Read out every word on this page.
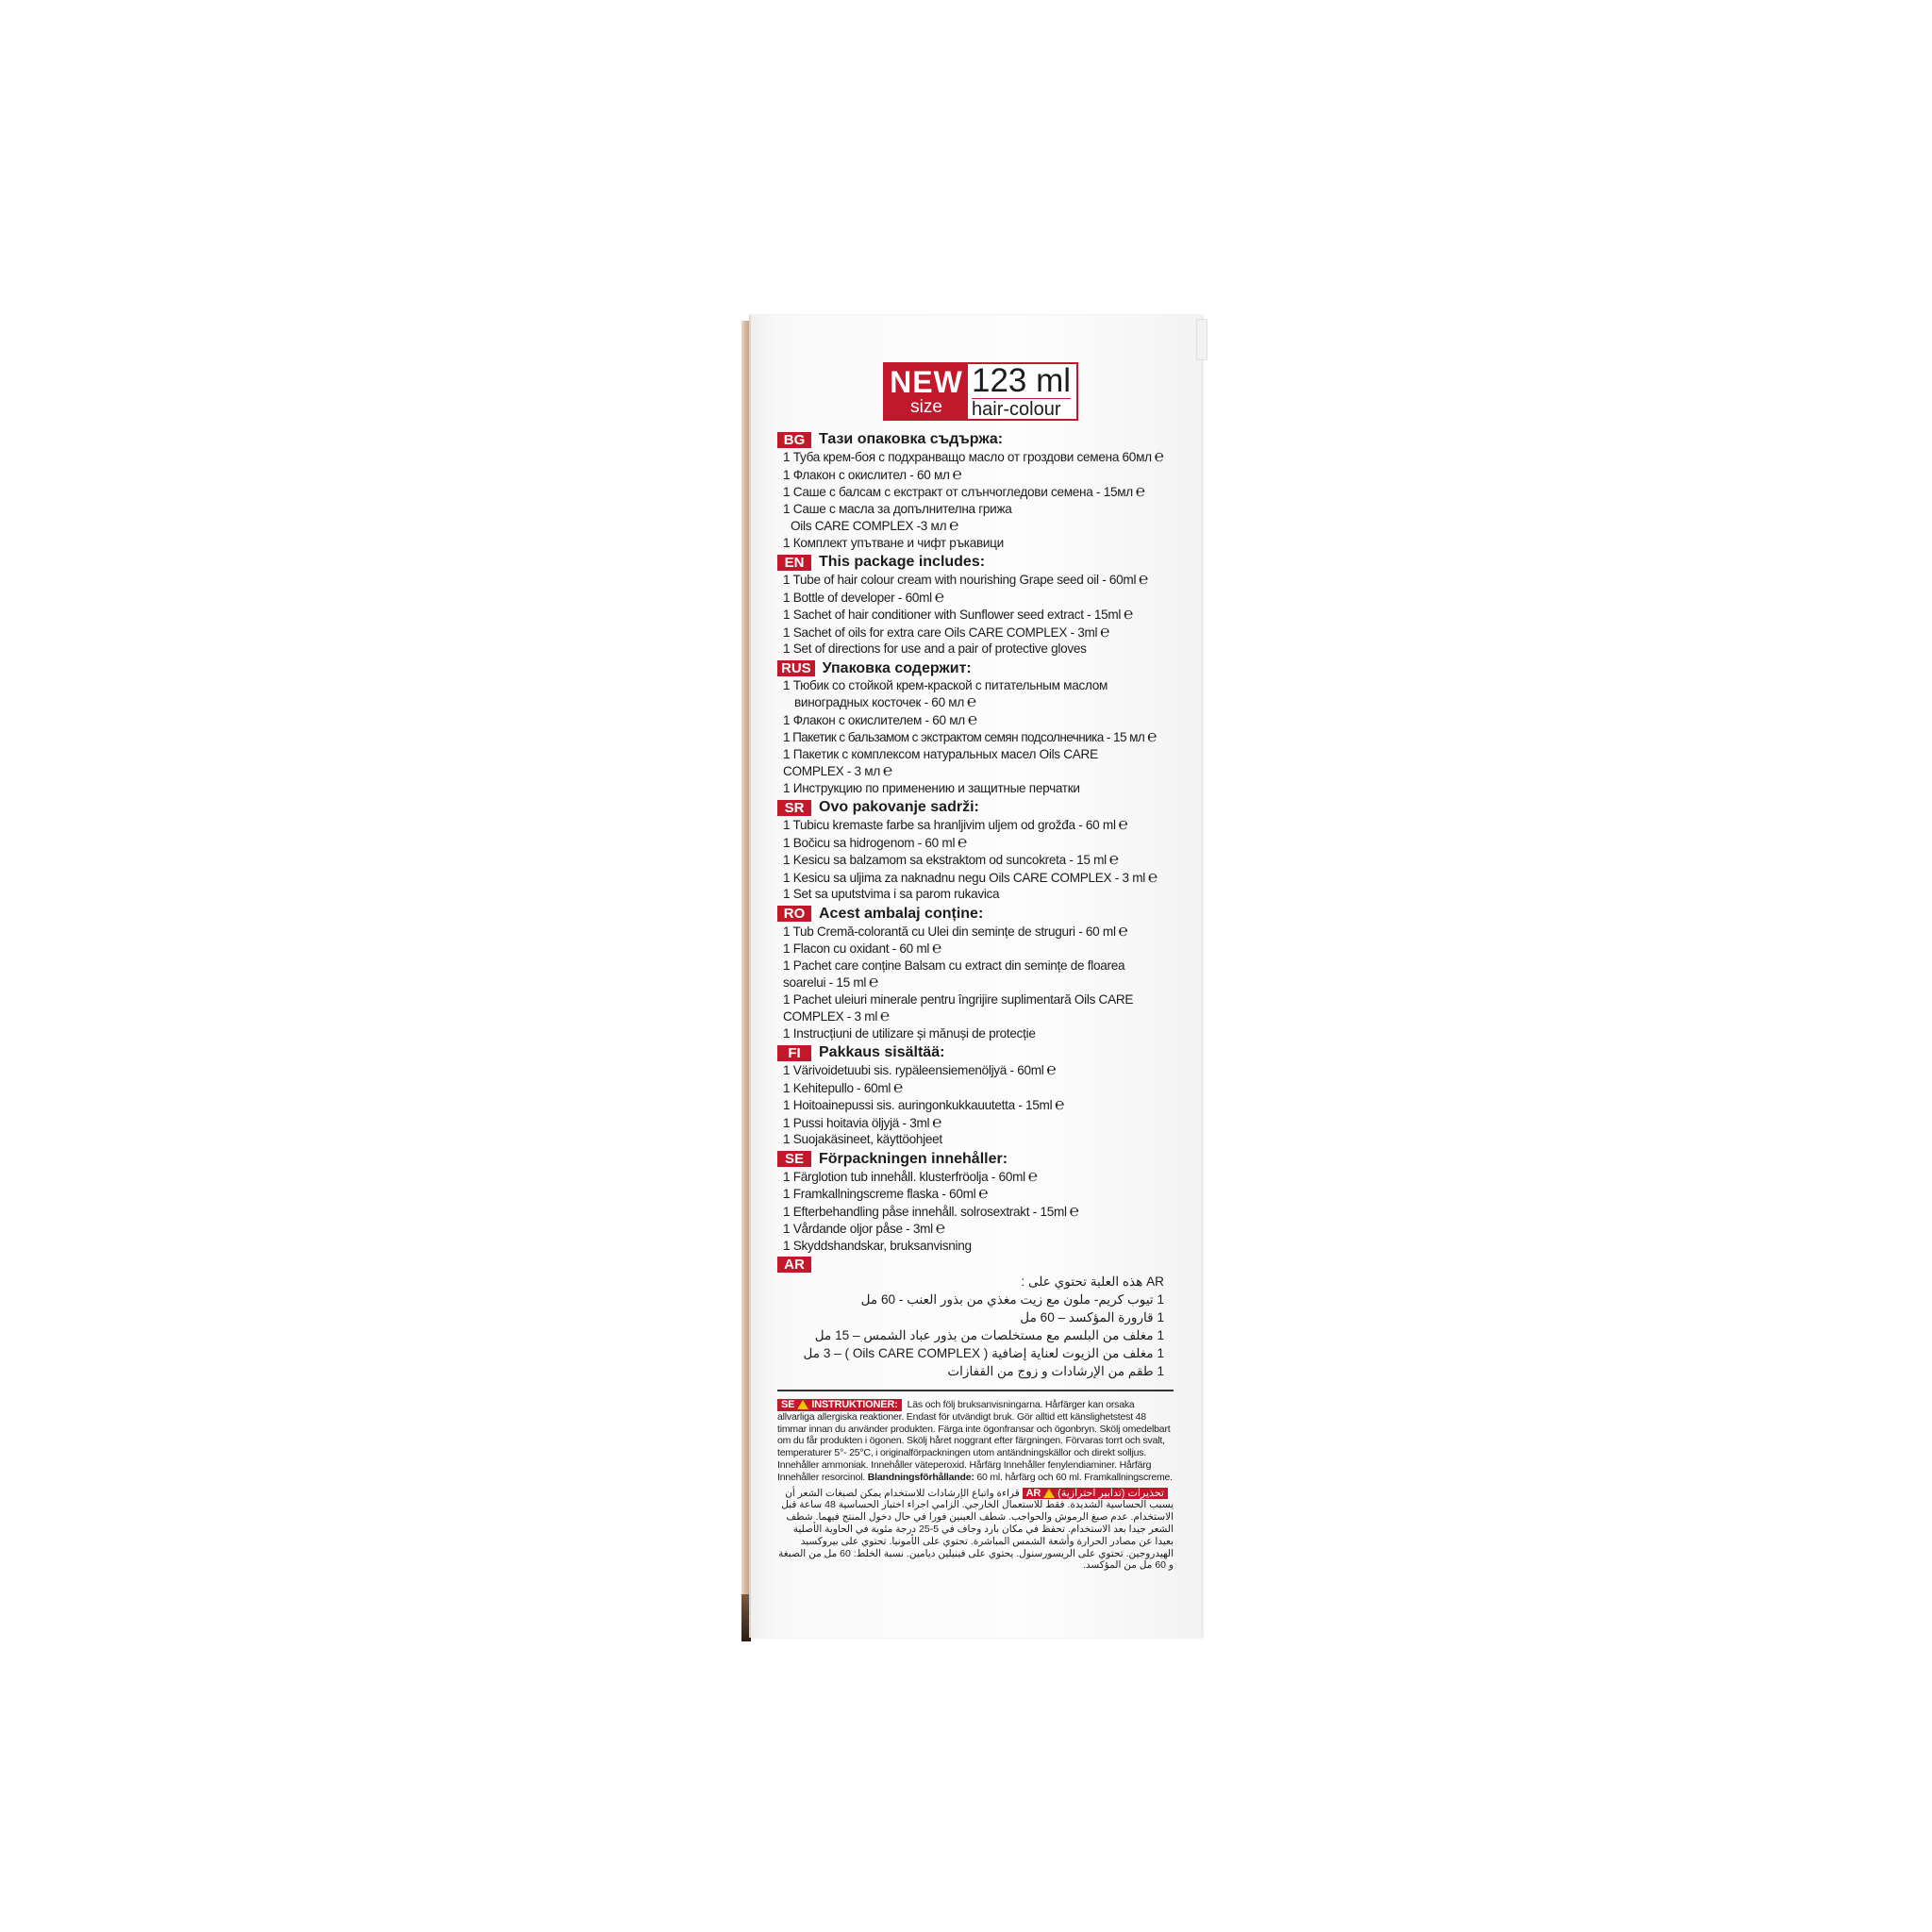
NEW
size
123 ml
hair-colour
BG Тази опаковка съдържа:
1 Туба крем-боя с подхранващо масло от гроздови семена 60мл ℮
1 Флакон с окислител - 60 мл ℮
1 Саше с балсам с екстракт от слънчогледови семена - 15мл ℮
1 Саше с масла за допълнителна грижа
Oils CARE COMPLEX -3 мл ℮
1 Комплект упътване и чифт ръкавици
EN This package includes:
1 Tube of hair colour cream with nourishing Grape seed oil - 60ml ℮
1 Bottle of developer - 60ml ℮
1 Sachet of hair conditioner with Sunflower seed extract - 15ml ℮
1 Sachet of oils for extra care Oils CARE COMPLEX - 3ml ℮
1 Set of directions for use and a pair of protective gloves
RUS Упаковка содержит:
1 Тюбик со стойкой крем-краской с питательным маслом
виноградных косточек - 60 мл ℮
1 Флакон с окислителем - 60 мл ℮
1 Пакетик с бальзамом с экстрактом семян подсолнечника - 15 мл ℮
1 Пакетик с комплексом натуральных масел Oils CARE
COMPLEX - 3 мл ℮
1 Инструкцию по применению и защитные перчатки
SR Ovo pakovanje sadrži:
1 Tubicu kremaste farbe sa hranljivim uljem od grožđa - 60 ml ℮
1 Bočicu sa hidrogenom - 60 ml ℮
1 Kesicu sa balzamom sa ekstraktom od suncokreta - 15 ml ℮
1 Kesicu sa uljima za naknadnu negu Oils CARE COMPLEX - 3 ml ℮
1 Set sa uputstvima i sa parom rukavica
RO Acest ambalaj conține:
1 Tub Cremă-colorantă cu Ulei din semințe de struguri - 60 ml ℮
1 Flacon cu oxidant - 60 ml ℮
1 Pachet care conține Balsam cu extract din semințe de floarea
soarelui - 15 ml ℮
1 Pachet uleiuri minerale pentru îngrijire suplimentară Oils CARE
COMPLEX - 3 ml ℮
1 Instrucțiuni de utilizare și mănuși de protecție
FI	Pakkaus sisältää:
1 Värivoidetuubi sis. rypäleensiemenöljyä - 60ml ℮
1 Kehitepullo - 60ml ℮
1 Hoitoainepussi sis. auringonkukkauutetta - 15ml ℮
1 Pussi hoitavia öljyjä - 3ml ℮
1 Suojakäsineet, käyttöohjeet
SE	Förpackningen innehåller:
1 Färglotion tub innehåll. klusterfröolja - 60ml ℮
1 Framkallningscreme flaska - 60ml ℮
1 Efterbehandling påse innehåll. solrosextrakt - 15ml ℮
1 Vårdande oljor påse - 3ml ℮
1 Skyddshandskar, bruksanvisning
AR
AR هذه العلبة تحتوي على :
1 تيوب كريم- ملون مع زيت مغذي من بذور العنب - 60 مل
1 قارورة المؤكسد – 60 مل
1 مغلف من البلسم مع مستخلصات من بذور عباد الشمس – 15 مل
1 مغلف من الزيوت لعناية إضافية ( Oils CARE COMPLEX ) – 3 مل
1 طقم من الإرشادات و زوج من القفازات
SE INSTRUKTIONER: Läs och följ bruksanvisningarna. Hårfärger kan orsaka allvarliga allergiska reaktioner. Endast för utvändigt bruk. Gör alltid ett känslighetstest 48 timmar innan du använder produkten. Färga inte ögonfransar och ögonbryn. Skölj omedelbart om du får produkten i ögonen. Skölj håret noggrant efter färgningen. Förvaras torrt och svalt, temperaturer 5°- 25°C, i originalförpackningen utom antändningskällor och direkt solljus. Innehåller ammoniak. Innehåller väteperoxid. Hårfärg Innehåller fenylendiaminer. Hårfärg Innehåller resorcinol. Blandningsförhållande: 60 ml. hårfärg och 60 ml. Framkallningscreme.
AR تحذيرات (تدابير احترازية)
قراءة واتباع الإرشادات للاستخدام يمكن لصبغات الشعر أن يسبب الحساسية الشديدة. فقط للاستعمال الخارجي. الزامي اجراء اختبار الحساسية 48 ساعة قبل الاستخدام. عدم صبغ الرموش والحواجب. شطف العينين فورا في حال دخول المنتج فيهما. شطف الشعر جيدا بعد الاستخدام. تحفظ في مكان بارد وجاف في 5-25 درجة مئوية في الحاوية الأصلية بعيدا عن مصادر الحرارة وأشعة الشمس المباشرة. تحتوي على الأمونيا. تحتوي على بيروكسيد الهيدروجين. تحتوي على الريسورسنول. يحتوي على فينيلين ديامين. نسبة الخلط: 60 مل من الصبغة و 60 مل من المؤكسد.
